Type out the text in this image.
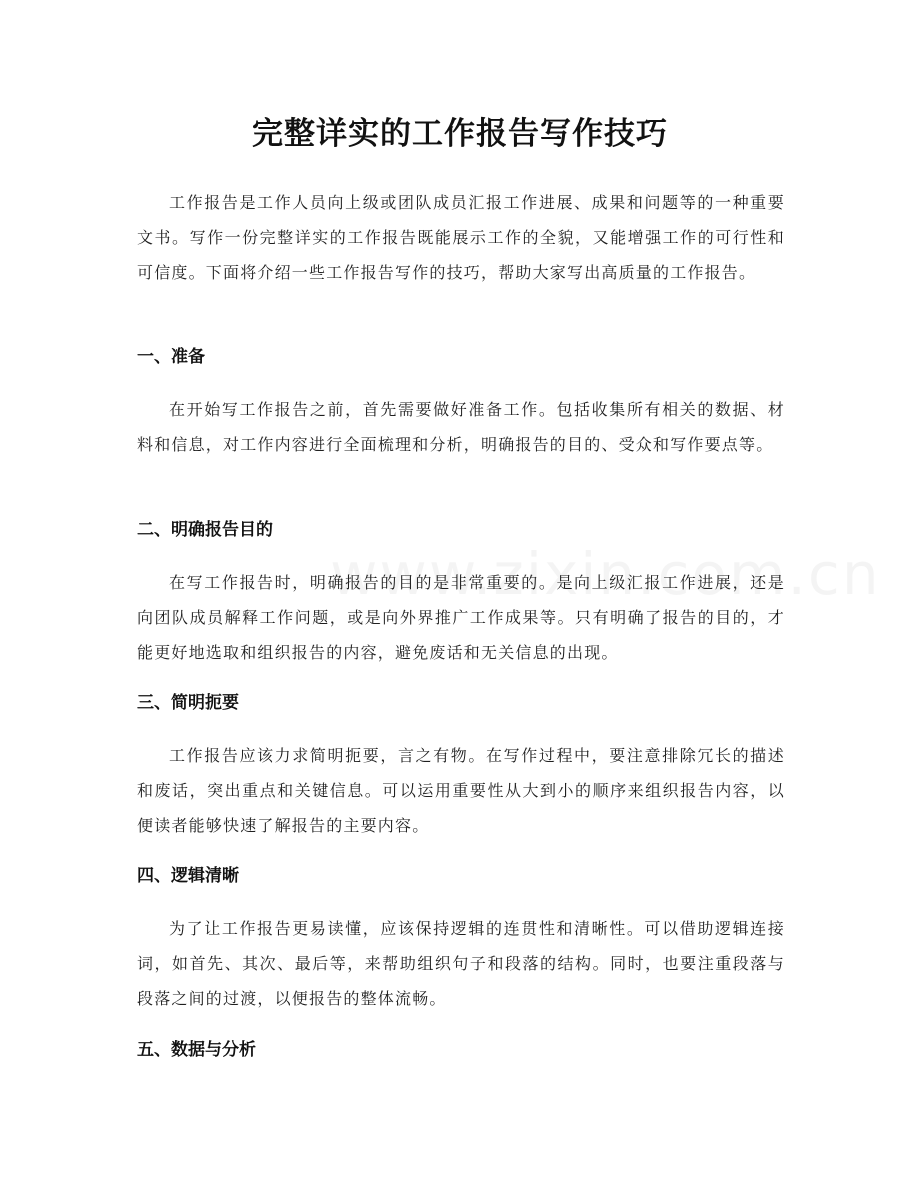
完整详实的工作报告写作技巧

工作报告是工作人员向上级或团队成员汇报工作进展、成果和问题等的一种重要文书。写作一份完整详实的工作报告既能展示工作的全貌，又能增强工作的可行性和可信度。下面将介绍一些工作报告写作的技巧，帮助大家写出高质量的工作报告。

一、准备

在开始写工作报告之前，首先需要做好准备工作。包括收集所有相关的数据、材料和信息，对工作内容进行全面梳理和分析，明确报告的目的、受众和写作要点等。

二、明确报告目的

在写工作报告时，明确报告的目的是非常重要的。是向上级汇报工作进展，还是向团队成员解释工作问题，或是向外界推广工作成果等。只有明确了报告的目的，才能更好地选取和组织报告的内容，避免废话和无关信息的出现。

三、简明扼要

工作报告应该力求简明扼要，言之有物。在写作过程中，要注意排除冗长的描述和废话，突出重点和关键信息。可以运用重要性从大到小的顺序来组织报告内容，以便读者能够快速了解报告的主要内容。

四、逻辑清晰

为了让工作报告更易读懂，应该保持逻辑的连贯性和清晰性。可以借助逻辑连接词，如首先、其次、最后等，来帮助组织句子和段落的结构。同时，也要注重段落与段落之间的过渡，以便报告的整体流畅。

五、数据与分析
